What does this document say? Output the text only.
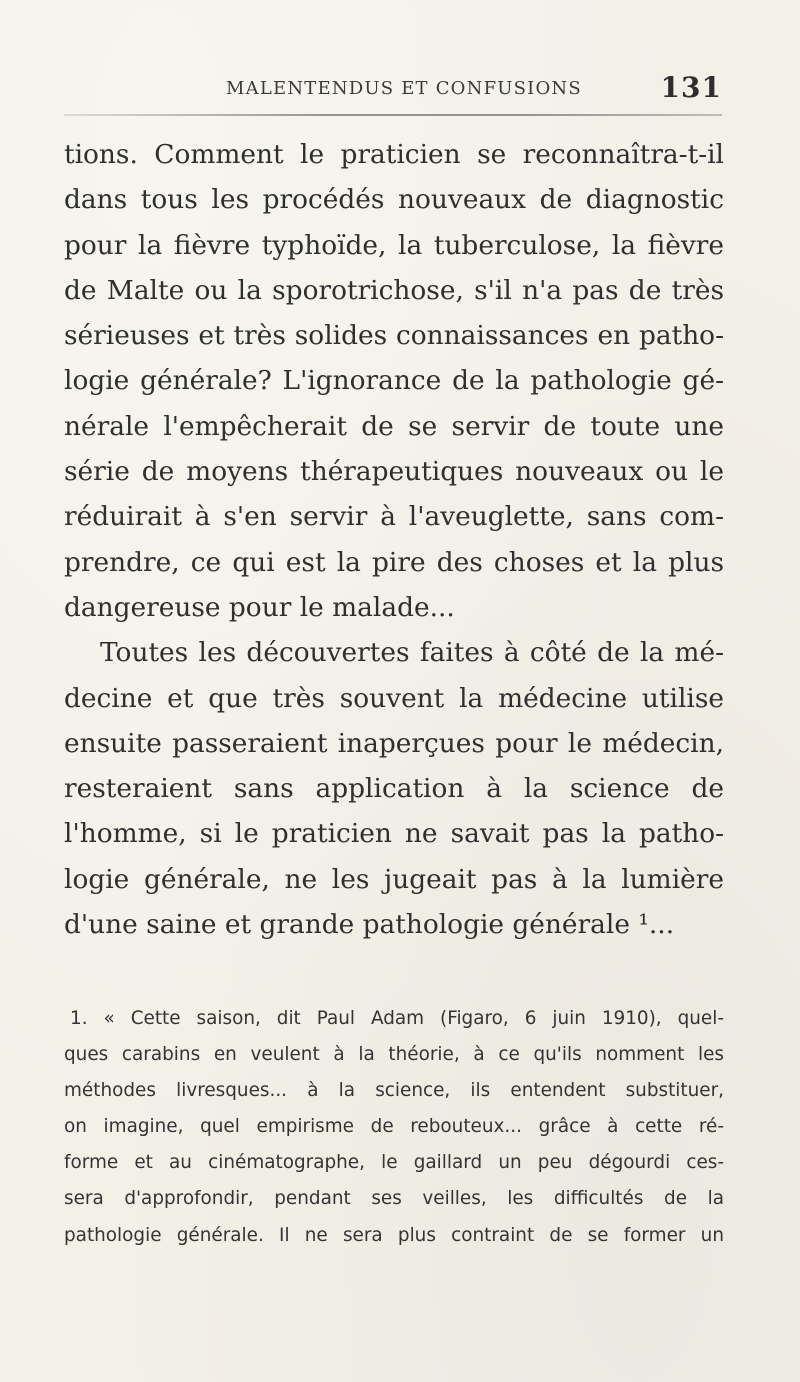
MALENTENDUS ET CONFUSIONS	131
tions. Comment le praticien se reconnaîtra-t-il
dans tous les procédés nouveaux de diagnostic
pour la fièvre typhoïde, la tuberculose, la fièvre
de Malte ou la sporotrichose, s'il n'a pas de très
sérieuses et très solides connaissances en patho-
logie générale? L'ignorance de la pathologie gé-
nérale l'empêcherait de se servir de toute une
série de moyens thérapeutiques nouveaux ou le
réduirait à s'en servir à l'aveuglette, sans com-
prendre, ce qui est la pire des choses et la plus
dangereuse pour le malade...
Toutes les découvertes faites à côté de la mé-
decine et que très souvent la médecine utilise
ensuite passeraient inaperçues pour le médecin,
resteraient sans application à la science de
l'homme, si le praticien ne savait pas la patho-
logie générale, ne les jugeait pas à la lumière
d'une saine et grande pathologie générale ¹...
1. « Cette saison, dit Paul Adam (Figaro, 6 juin 1910), quel-
ques carabins en veulent à la théorie, à ce qu'ils nomment les
méthodes livresques... à la science, ils entendent substituer,
on imagine, quel empirisme de rebouteux... grâce à cette ré-
forme et au cinématographe, le gaillard un peu dégourdi ces-
sera d'approfondir, pendant ses veilles, les difficultés de la
pathologie générale. Il ne sera plus contraint de se former un
